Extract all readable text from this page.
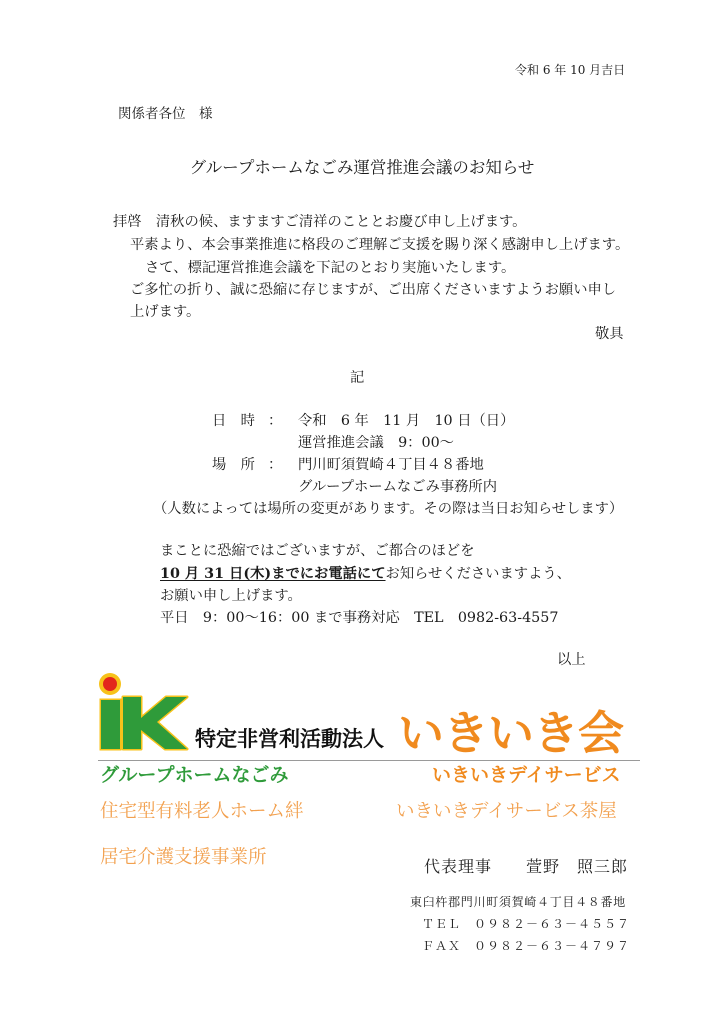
令和 6 年 10 月吉日
関係者各位　様
グループホームなごみ運営推進会議のお知らせ
拝啓　清秋の候、ますますご清祥のこととお慶び申し上げます。
平素より、本会事業推進に格段のご理解ご支援を賜り深く感謝申し上げます。
さて、標記運営推進会議を下記のとおり実施いたします。
ご多忙の折り、誠に恐縮に存じますが、ご出席くださいますようお願い申し
上げます。
敬具
記
日　時 ： 令和　6 年　11 月　10 日（日）
運営推進会議　9：00～
場　所 ： 門川町須賀崎４丁目４８番地
グループホームなごみ事務所内
（人数によっては場所の変更があります。その際は当日お知らせします）
まことに恐縮ではございますが、ご都合のほどを
10 月 31 日(木)までにお電話にてお知らせくださいますよう、
お願い申し上げます。
平日　9：00～16：00 まで事務対応　TEL　0982-63-4557
以上
特定非営利活動法人 いきいき会
グループホームなごみ	いきいきデイサービス
住宅型有料老人ホーム絆	いきいきデイサービス茶屋
居宅介護支援事業所	代表理事　　萱野　照三郎
東臼杵郡門川町須賀崎４丁目４８番地
ＴＥＬ　０９８２－６３－４５５７
ＦＡＸ　０９８２－６３－４７９７
